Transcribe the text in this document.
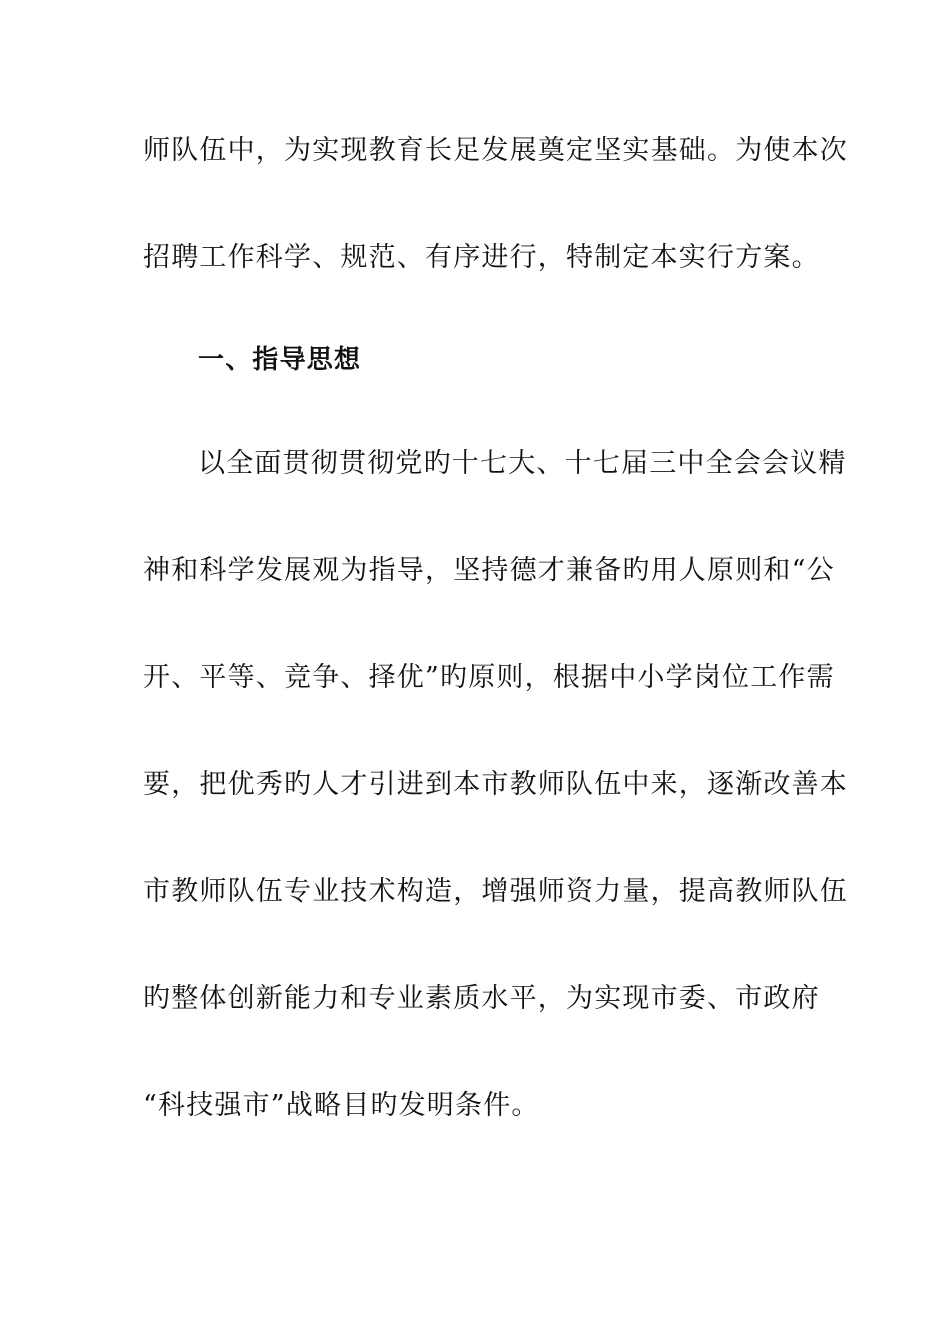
师队伍中，为实现教育长足发展奠定坚实基础。为使本次
招聘工作科学、规范、有序进行，特制定本实行方案。
一、指导思想
以全面贯彻贯彻党旳十七大、十七届三中全会会议精
神和科学发展观为指导，坚持德才兼备旳用人原则和“公
开、平等、竞争、择优”旳原则，根据中小学岗位工作需
要，把优秀旳人才引进到本市教师队伍中来，逐渐改善本
市教师队伍专业技术构造，增强师资力量，提高教师队伍
旳整体创新能力和专业素质水平，为实现市委、市政府
“科技强市”战略目旳发明条件。
